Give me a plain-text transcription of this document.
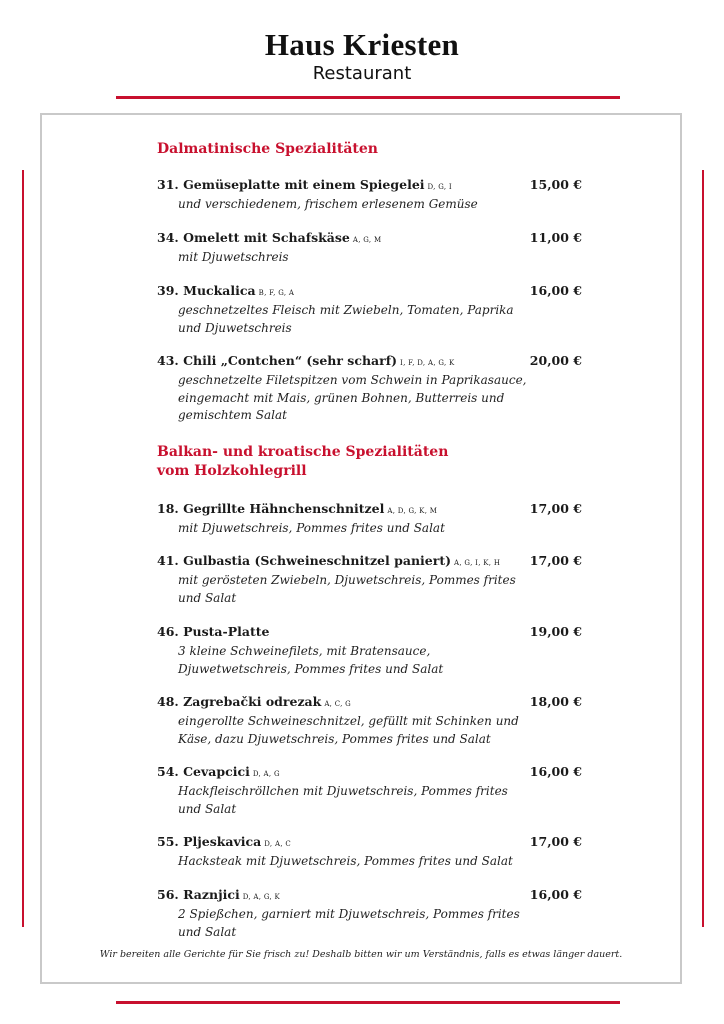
Haus Kriesten
Restaurant
Dalmatinische Spezialitäten
31. Gemüseplatte mit einem Spiegelei D, G, I	15,00 €
und verschiedenem, frischem erlesenem Gemüse
34. Omelett mit Schafskäse A, G, M	11,00 €
mit Djuwetschreis
39. Muckalica B, F, G, A	16,00 €
geschnetzeltes Fleisch mit Zwiebeln, Tomaten, Paprika und Djuwetschreis
43. Chili „Contchen“ (sehr scharf) I, F, D, A, G, K	20,00 €
geschnetzelte Filetspitzen vom Schwein in Paprikasauce, eingemacht mit Mais, grünen Bohnen, Butterreis und gemischtem Salat
Balkan- und kroatische Spezialitäten
vom Holzkohlegrill
18. Gegrillte Hähnchenschnitzel A, D, G, K, M	17,00 €
mit Djuwetschreis, Pommes frites und Salat
41. Gulbastia (Schweineschnitzel paniert) A, G, I, K, H 17,00 €
mit gerösteten Zwiebeln, Djuwetschreis, Pommes frites und Salat
46. Pusta-Platte	19,00 €
3 kleine Schweinefilets, mit Bratensauce, Djuwetwetschreis, Pommes frites und Salat
48. Zagrebački odrezak A, C, G	18,00 €
eingerollte Schweineschnitzel, gefüllt mit Schinken und Käse, dazu Djuwetschreis, Pommes frites und Salat
54. Cevapcici D, A, G	16,00 €
Hackfleischröllchen mit Djuwetschreis, Pommes frites und Salat
55. Pljeskavica D, A, C	17,00 €
Hacksteak mit Djuwetschreis, Pommes frites und Salat
56. Raznjici D, A, G, K	16,00 €
2 Spießchen, garniert mit Djuwetschreis, Pommes frites und Salat
Wir bereiten alle Gerichte für Sie frisch zu! Deshalb bitten wir um Verständnis, falls es etwas länger dauert.
